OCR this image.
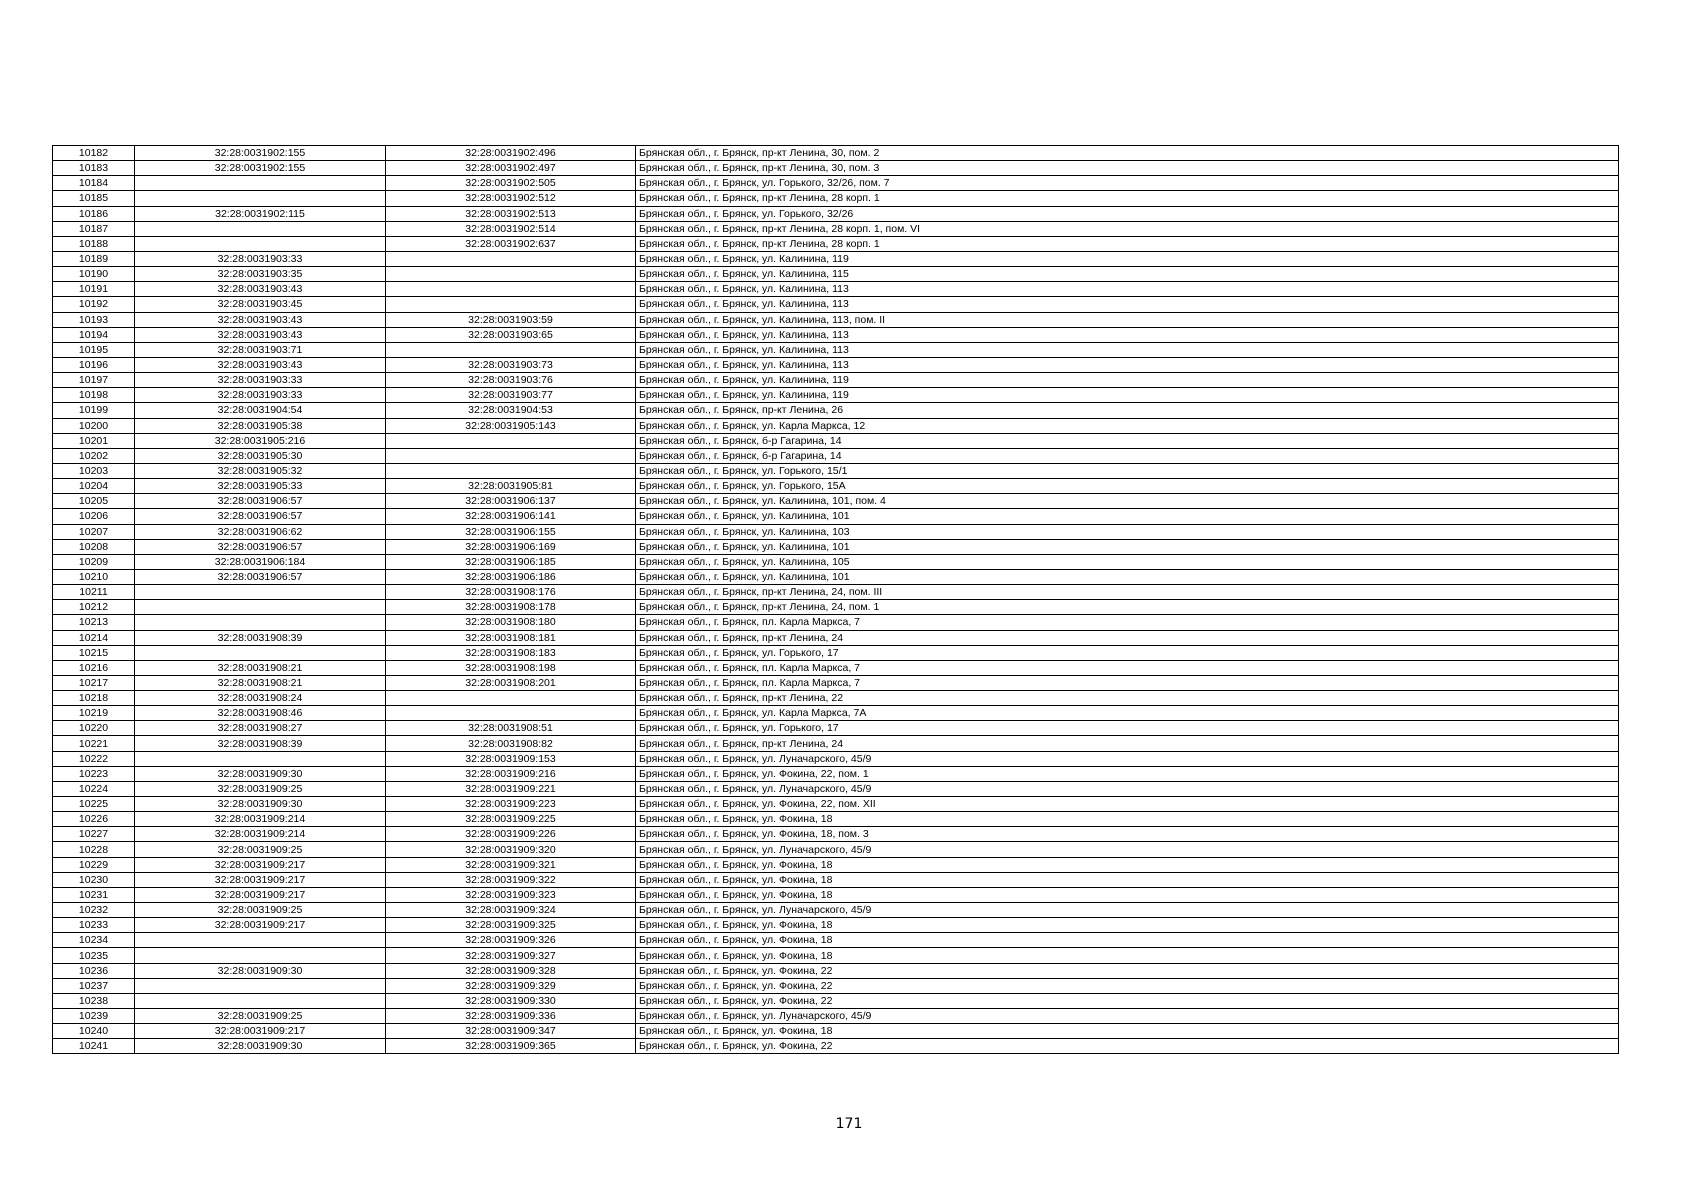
10182	32:28:0031902:155	32:28:0031902:496	Брянская обл., г. Брянск, пр-кт Ленина, 30, пом. 2
10183	32:28:0031902:155	32:28:0031902:497	Брянская обл., г. Брянск, пр-кт Ленина, 30, пом. 3
10184		32:28:0031902:505	Брянская обл., г. Брянск, ул. Горького, 32/26, пом. 7
10185		32:28:0031902:512	Брянская обл., г. Брянск, пр-кт Ленина, 28 корп. 1
10186	32:28:0031902:115	32:28:0031902:513	Брянская обл., г. Брянск, ул. Горького, 32/26
10187		32:28:0031902:514	Брянская обл., г. Брянск, пр-кт Ленина, 28 корп. 1, пом. VI
10188		32:28:0031902:637	Брянская обл., г. Брянск, пр-кт Ленина, 28 корп. 1
10189	32:28:0031903:33		Брянская обл., г. Брянск, ул. Калинина, 119
10190	32:28:0031903:35		Брянская обл., г. Брянск, ул. Калинина, 115
10191	32:28:0031903:43		Брянская обл., г. Брянск, ул. Калинина, 113
10192	32:28:0031903:45		Брянская обл., г. Брянск, ул. Калинина, 113
10193	32:28:0031903:43	32:28:0031903:59	Брянская обл., г. Брянск, ул. Калинина, 113, пом. II
10194	32:28:0031903:43	32:28:0031903:65	Брянская обл., г. Брянск, ул. Калинина, 113
10195	32:28:0031903:71		Брянская обл., г. Брянск, ул. Калинина, 113
10196	32:28:0031903:43	32:28:0031903:73	Брянская обл., г. Брянск, ул. Калинина, 113
10197	32:28:0031903:33	32:28:0031903:76	Брянская обл., г. Брянск, ул. Калинина, 119
10198	32:28:0031903:33	32:28:0031903:77	Брянская обл., г. Брянск, ул. Калинина, 119
10199	32:28:0031904:54	32:28:0031904:53	Брянская обл., г. Брянск, пр-кт Ленина, 26
10200	32:28:0031905:38	32:28:0031905:143	Брянская обл., г. Брянск, ул. Карла Маркса, 12
10201	32:28:0031905:216		Брянская обл., г. Брянск, б-р Гагарина, 14
10202	32:28:0031905:30		Брянская обл., г. Брянск, б-р Гагарина, 14
10203	32:28:0031905:32		Брянская обл., г. Брянск, ул. Горького, 15/1
10204	32:28:0031905:33	32:28:0031905:81	Брянская обл., г. Брянск, ул. Горького, 15А
10205	32:28:0031906:57	32:28:0031906:137	Брянская обл., г. Брянск, ул. Калинина, 101, пом. 4
10206	32:28:0031906:57	32:28:0031906:141	Брянская обл., г. Брянск, ул. Калинина, 101
10207	32:28:0031906:62	32:28:0031906:155	Брянская обл., г. Брянск, ул. Калинина, 103
10208	32:28:0031906:57	32:28:0031906:169	Брянская обл., г. Брянск, ул. Калинина, 101
10209	32:28:0031906:184	32:28:0031906:185	Брянская обл., г. Брянск, ул. Калинина, 105
10210	32:28:0031906:57	32:28:0031906:186	Брянская обл., г. Брянск, ул. Калинина, 101
10211		32:28:0031908:176	Брянская обл., г. Брянск, пр-кт Ленина, 24, пом. III
10212		32:28:0031908:178	Брянская обл., г. Брянск, пр-кт Ленина, 24, пом. 1
10213		32:28:0031908:180	Брянская обл., г. Брянск, пл. Карла Маркса, 7
10214	32:28:0031908:39	32:28:0031908:181	Брянская обл., г. Брянск, пр-кт Ленина, 24
10215		32:28:0031908:183	Брянская обл., г. Брянск, ул. Горького, 17
10216	32:28:0031908:21	32:28:0031908:198	Брянская обл., г. Брянск, пл. Карла Маркса, 7
10217	32:28:0031908:21	32:28:0031908:201	Брянская обл., г. Брянск, пл. Карла Маркса, 7
10218	32:28:0031908:24		Брянская обл., г. Брянск, пр-кт Ленина, 22
10219	32:28:0031908:46		Брянская обл., г. Брянск, ул. Карла Маркса, 7А
10220	32:28:0031908:27	32:28:0031908:51	Брянская обл., г. Брянск, ул. Горького, 17
10221	32:28:0031908:39	32:28:0031908:82	Брянская обл., г. Брянск, пр-кт Ленина, 24
10222		32:28:0031909:153	Брянская обл., г. Брянск, ул. Луначарского, 45/9
10223	32:28:0031909:30	32:28:0031909:216	Брянская обл., г. Брянск, ул. Фокина, 22, пом. 1
10224	32:28:0031909:25	32:28:0031909:221	Брянская обл., г. Брянск, ул. Луначарского, 45/9
10225	32:28:0031909:30	32:28:0031909:223	Брянская обл., г. Брянск, ул. Фокина, 22, пом. XII
10226	32:28:0031909:214	32:28:0031909:225	Брянская обл., г. Брянск, ул. Фокина, 18
10227	32:28:0031909:214	32:28:0031909:226	Брянская обл., г. Брянск, ул. Фокина, 18, пом. 3
10228	32:28:0031909:25	32:28:0031909:320	Брянская обл., г. Брянск, ул. Луначарского, 45/9
10229	32:28:0031909:217	32:28:0031909:321	Брянская обл., г. Брянск, ул. Фокина, 18
10230	32:28:0031909:217	32:28:0031909:322	Брянская обл., г. Брянск, ул. Фокина, 18
10231	32:28:0031909:217	32:28:0031909:323	Брянская обл., г. Брянск, ул. Фокина, 18
10232	32:28:0031909:25	32:28:0031909:324	Брянская обл., г. Брянск, ул. Луначарского, 45/9
10233	32:28:0031909:217	32:28:0031909:325	Брянская обл., г. Брянск, ул. Фокина, 18
10234		32:28:0031909:326	Брянская обл., г. Брянск, ул. Фокина, 18
10235		32:28:0031909:327	Брянская обл., г. Брянск, ул. Фокина, 18
10236	32:28:0031909:30	32:28:0031909:328	Брянская обл., г. Брянск, ул. Фокина, 22
10237		32:28:0031909:329	Брянская обл., г. Брянск, ул. Фокина, 22
10238		32:28:0031909:330	Брянская обл., г. Брянск, ул. Фокина, 22
10239	32:28:0031909:25	32:28:0031909:336	Брянская обл., г. Брянск, ул. Луначарского, 45/9
10240	32:28:0031909:217	32:28:0031909:347	Брянская обл., г. Брянск, ул. Фокина, 18
10241	32:28:0031909:30	32:28:0031909:365	Брянская обл., г. Брянск, ул. Фокина, 22
171
